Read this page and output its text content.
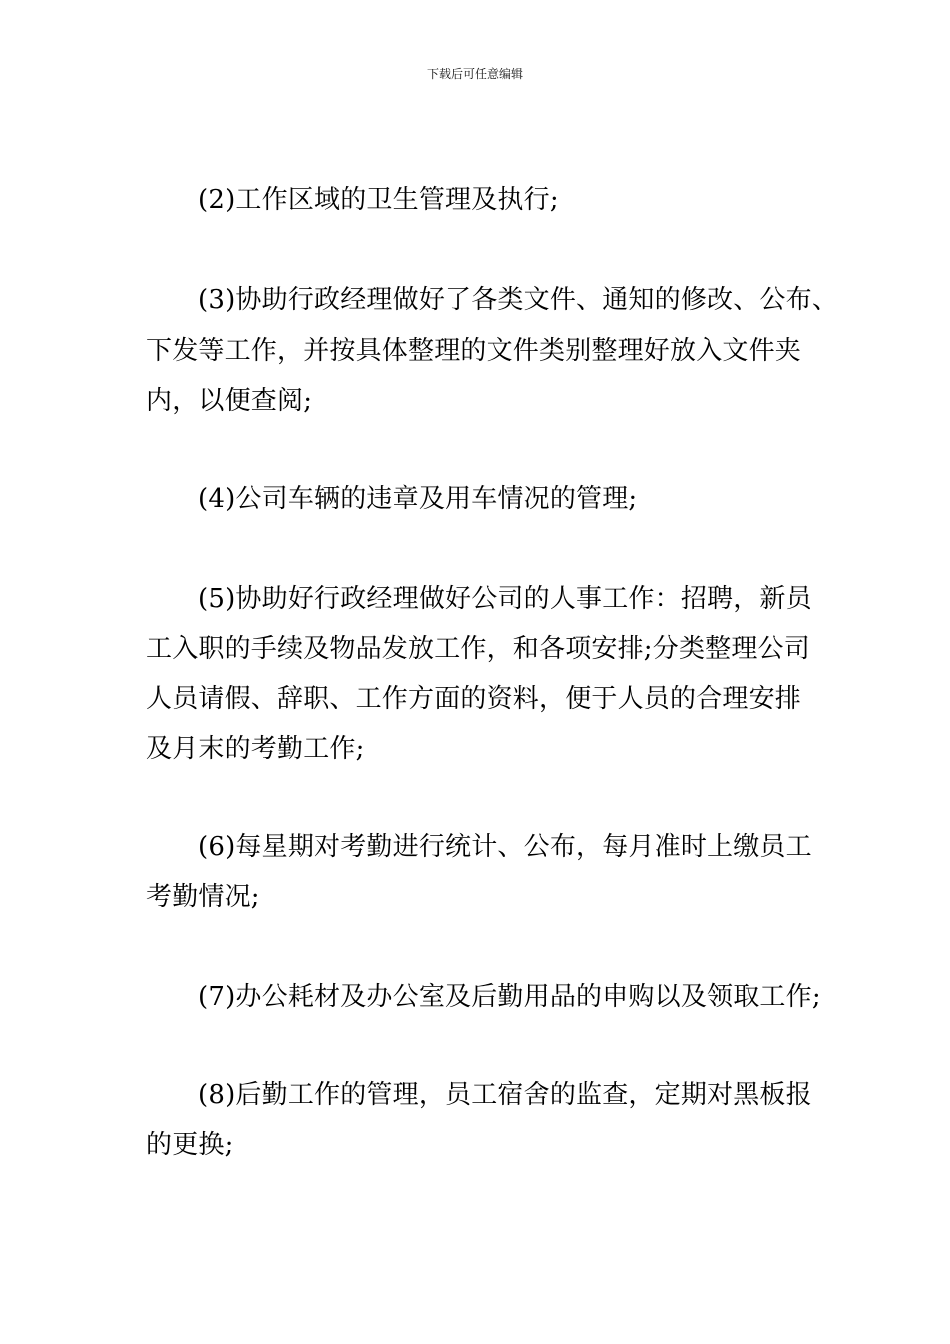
下载后可任意编辑
(2)工作区域的卫生管理及执行;
(3)协助行政经理做好了各类文件、通知的修改、公布、
下发等工作，并按具体整理的文件类别整理好放入文件夹
内，以便查阅;
(4)公司车辆的违章及用车情况的管理;
(5)协助好行政经理做好公司的人事工作：招聘，新员
工入职的手续及物品发放工作，和各项安排;分类整理公司
人员请假、辞职、工作方面的资料，便于人员的合理安排
及月末的考勤工作;
(6)每星期对考勤进行统计、公布，每月准时上缴员工
考勤情况;
(7)办公耗材及办公室及后勤用品的申购以及领取工作;
(8)后勤工作的管理，员工宿舍的监查，定期对黑板报
的更换;
